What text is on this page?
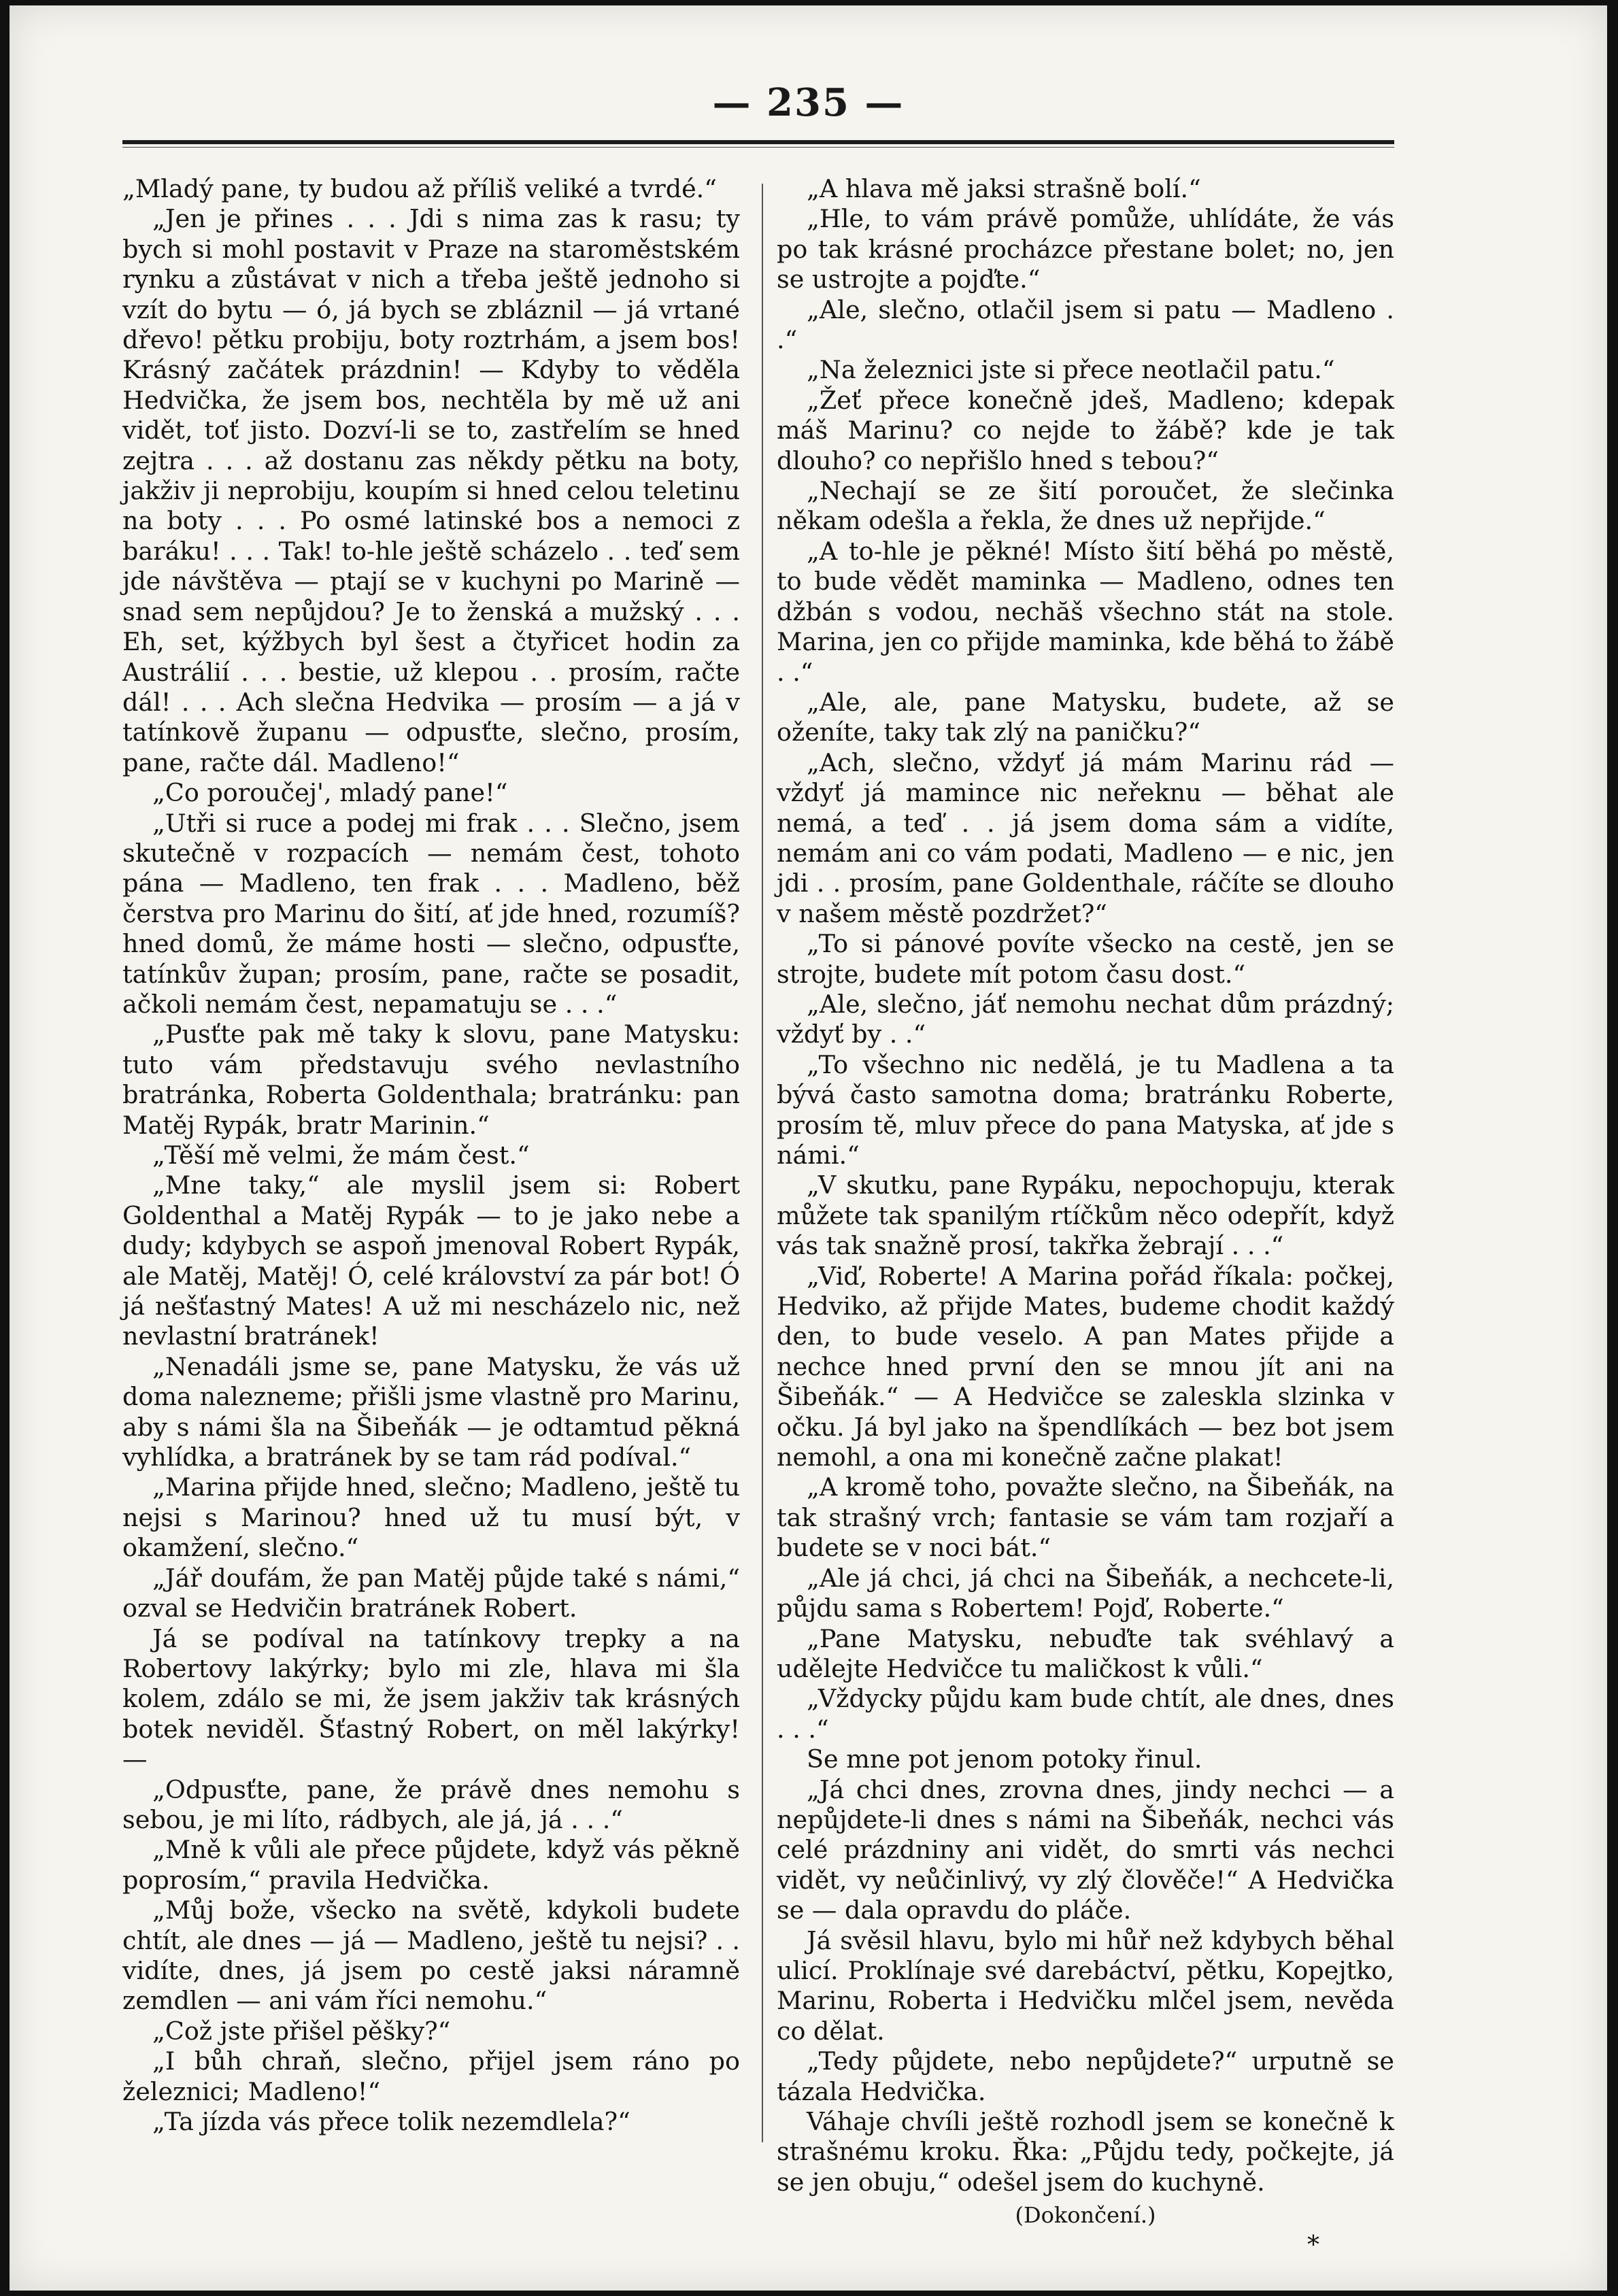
— 235 —

„Mladý pane, ty budou až příliš veliké a tvrdé.“

„Jen je přines . . . Jdi s nima zas k rasu; ty bych si mohl postavit v Praze na staroměstském rynku a zůstávat v nich a třeba ještě jednoho si vzít do bytu — ó, já bych se zbláznil — já vrtané dřevo! pětku probiju, boty roztrhám, a jsem bos! Krásný začátek prázdnin! — Kdyby to věděla Hedvička, že jsem bos, nechtěla by mě už ani vidět, toť jisto. Dozví-li se to, zastřelím se hned zejtra . . . až dostanu zas někdy pětku na boty, jakživ ji neprobiju, koupím si hned celou teletinu na boty . . . Po osmé latinské bos a nemoci z baráku! . . . Tak! to-hle ještě scházelo . . teď sem jde návštěva — ptají se v kuchyni po Marině — snad sem nepůjdou? Je to ženská a mužský . . . Eh, set, kýžbych byl šest a čtyřicet hodin za Austrálií . . . bestie, už klepou . . prosím, račte dál! . . . Ach slečna Hedvika — prosím — a já v tatínkově županu — odpusťte, slečno, prosím, pane, račte dál. Madleno!“

„Co poroučej', mladý pane!“

„Utři si ruce a podej mi frak . . . Slečno, jsem skutečně v rozpacích — nemám čest, tohoto pána — Madleno, ten frak . . . Madleno, běž čerstva pro Marinu do šití, ať jde hned, rozumíš? hned domů, že máme hosti — slečno, odpusťte, tatínkův župan; prosím, pane, račte se posadit, ačkoli nemám čest, nepamatuju se . . .“

„Pusťte pak mě taky k slovu, pane Matysku: tuto vám představuju svého nevlastního bratránka, Roberta Goldenthala; bratránku: pan Matěj Rypák, bratr Marinin.“

„Těší mě velmi, že mám čest.“

„Mne taky,“ ale myslil jsem si: Robert Goldenthal a Matěj Rypák — to je jako nebe a dudy; kdybych se aspoň jmenoval Robert Rypák, ale Matěj, Matěj! Ó, celé království za pár bot! Ó já nešťastný Mates! A už mi nescházelo nic, než nevlastní bratránek!

„Nenadáli jsme se, pane Matysku, že vás už doma nalezneme; přišli jsme vlastně pro Marinu, aby s námi šla na Šibeňák — je odtamtud pěkná vyhlídka, a bratránek by se tam rád podíval.“

„Marina přijde hned, slečno; Madleno, ještě tu nejsi s Marinou? hned už tu musí být, v okamžení, slečno.“

„Jář doufám, že pan Matěj půjde také s námi,“ ozval se Hedvičin bratránek Robert.

Já se podíval na tatínkovy trepky a na Robertovy lakýrky; bylo mi zle, hlava mi šla kolem, zdálo se mi, že jsem jakživ tak krásných botek neviděl. Šťastný Robert, on měl lakýrky! —

„Odpusťte, pane, že právě dnes nemohu s sebou, je mi líto, rádbych, ale já, já . . .“

„Mně k vůli ale přece půjdete, když vás pěkně poprosím,“ pravila Hedvička.

„Můj bože, všecko na světě, kdykoli budete chtít, ale dnes — já — Madleno, ještě tu nejsi? . . vidíte, dnes, já jsem po cestě jaksi náramně zemdlen — ani vám říci nemohu.“

„Což jste přišel pěšky?“

„I bůh chraň, slečno, přijel jsem ráno po železnici; Madleno!“

„Ta jízda vás přece tolik nezemdlela?“

„A hlava mě jaksi strašně bolí.“

„Hle, to vám právě pomůže, uhlídáte, že vás po tak krásné procházce přestane bolet; no, jen se ustrojte a pojďte.“

„Ale, slečno, otlačil jsem si patu — Madleno . .“

„Na železnici jste si přece neotlačil patu.“

„Žeť přece konečně jdeš, Madleno; kdepak máš Marinu? co nejde to žábě? kde je tak dlouho? co nepřišlo hned s tebou?“

„Nechají se ze šití poroučet, že slečinka někam odešla a řekla, že dnes už nepřijde.“

„A to-hle je pěkné! Místo šití běhá po městě, to bude vědět maminka — Madleno, odnes ten džbán s vodou, nechăš všechno stát na stole. Marina, jen co přijde maminka, kde běhá to žábě . .“

„Ale, ale, pane Matysku, budete, až se oženíte, taky tak zlý na paničku?“

„Ach, slečno, vždyť já mám Marinu rád — vždyť já mamince nic neřeknu — běhat ale nemá, a teď . . já jsem doma sám a vidíte, nemám ani co vám podati, Madleno — e nic, jen jdi . . prosím, pane Goldenthale, ráčíte se dlouho v našem městě pozdržet?“

„To si pánové povíte všecko na cestě, jen se strojte, budete mít potom času dost.“

„Ale, slečno, jáť nemohu nechat dům prázdný; vždyť by . .“

„To všechno nic nedělá, je tu Madlena a ta bývá často samotna doma; bratránku Roberte, prosím tě, mluv přece do pana Matyska, ať jde s námi.“

„V skutku, pane Rypáku, nepochopuju, kterak můžete tak spanilým rtíčkům něco odepřít, když vás tak snažně prosí, takřka žebrají . . .“

„Viď, Roberte! A Marina pořád říkala: počkej, Hedviko, až přijde Mates, budeme chodit každý den, to bude veselo. A pan Mates přijde a nechce hned první den se mnou jít ani na Šibeňák.“ — A Hedvičce se zaleskla slzinka v očku. Já byl jako na špendlíkách — bez bot jsem nemohl, a ona mi konečně začne plakat!

„A kromě toho, považte slečno, na Šibeňák, na tak strašný vrch; fantasie se vám tam rozjaří a budete se v noci bát.“

„Ale já chci, já chci na Šibeňák, a nechcete-li, půjdu sama s Robertem! Pojď, Roberte.“

„Pane Matysku, nebuďte tak svéhlavý a udělejte Hedvičce tu maličkost k vůli.“

„Vždycky půjdu kam bude chtít, ale dnes, dnes . . .“

Se mne pot jenom potoky řinul.

„Já chci dnes, zrovna dnes, jindy nechci — a nepůjdete-li dnes s námi na Šibeňák, nechci vás celé prázdniny ani vidět, do smrti vás nechci vidět, vy neůčinlivý, vy zlý člověče!“ A Hedvička se — dala opravdu do pláče.

Já svěsil hlavu, bylo mi hůř než kdybych běhal ulicí. Proklínaje své darebáctví, pětku, Kopejtko, Marinu, Roberta i Hedvičku mlčel jsem, nevěda co dělat.

„Tedy půjdete, nebo nepůjdete?“ urputně se tázala Hedvička.

Váhaje chvíli ještě rozhodl jsem se konečně k strašnému kroku. Řka: „Půjdu tedy, počkejte, já se jen obuju,“ odešel jsem do kuchyně.

(Dokončení.)

*
